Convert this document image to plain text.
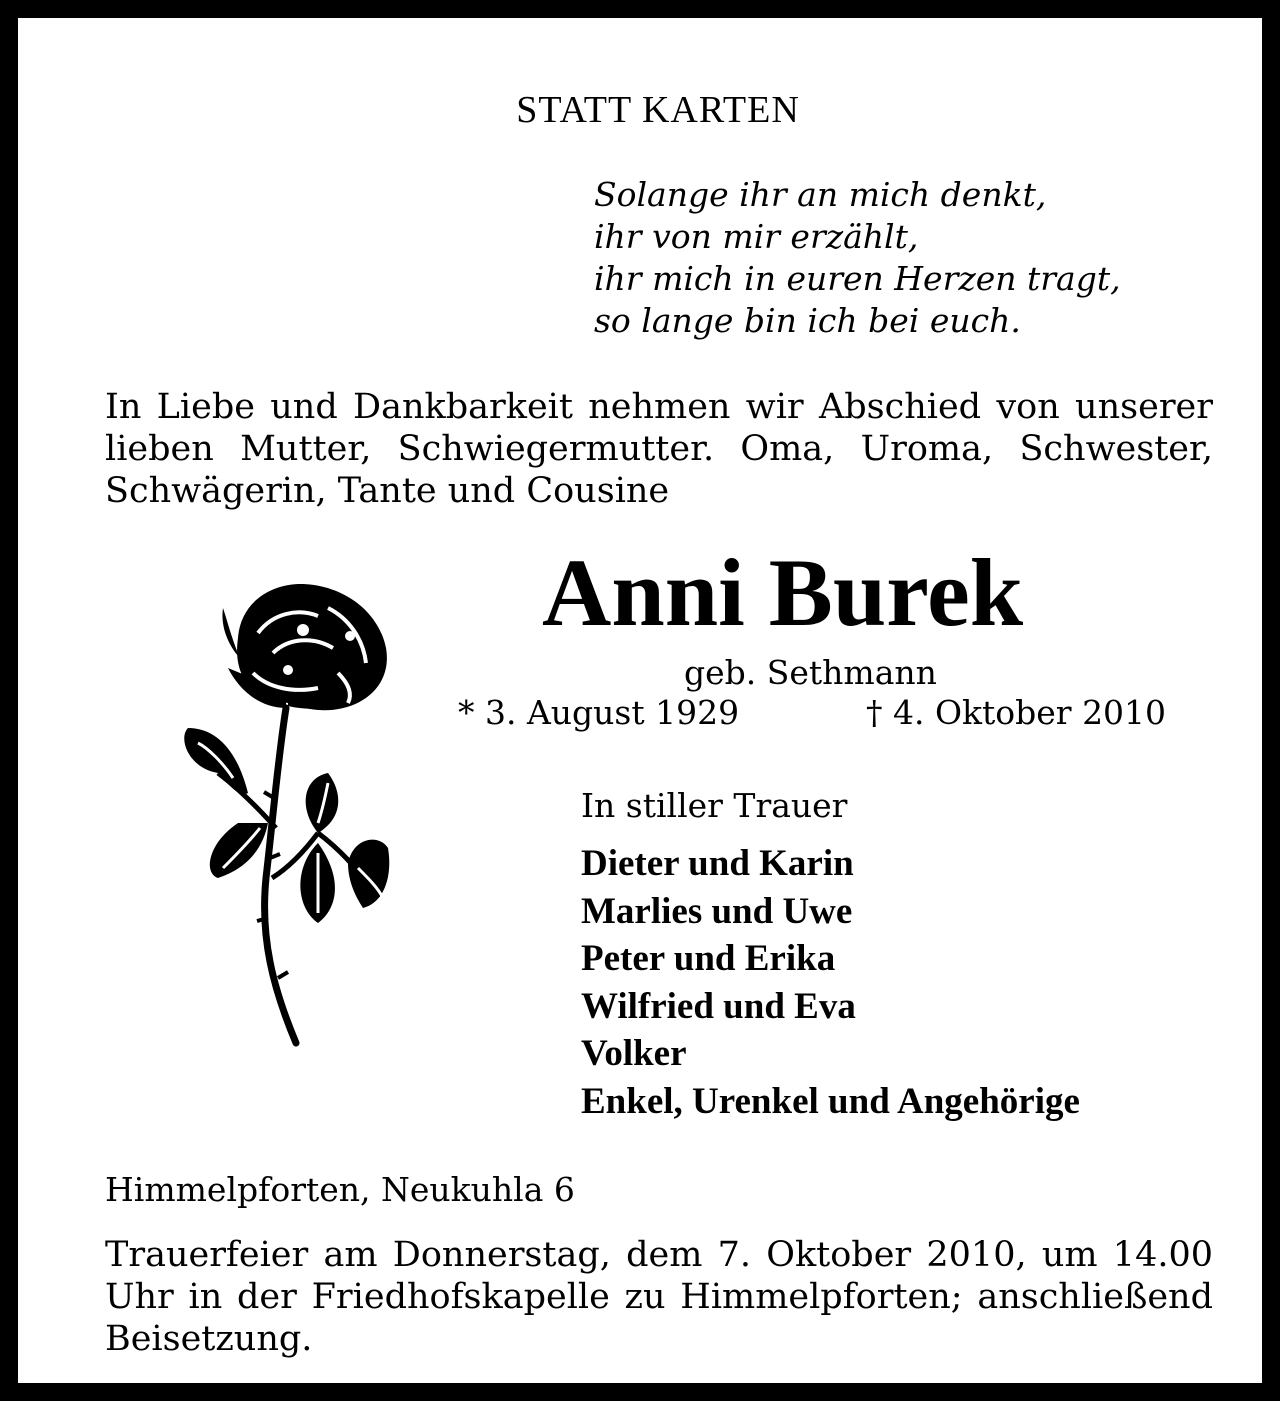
STATT KARTEN

Solange ihr an mich denkt,
ihr von mir erzählt,
ihr mich in euren Herzen tragt,
so lange bin ich bei euch.

In Liebe und Dankbarkeit nehmen wir Abschied von unserer lieben Mutter, Schwiegermutter. Oma, Uroma, Schwester, Schwägerin, Tante und Cousine

Anni Burek
geb. Sethmann
* 3. August 1929	† 4. Oktober 2010
In stiller Trauer
Dieter und Karin
Marlies und Uwe
Peter und Erika
Wilfried und Eva
Volker
Enkel, Urenkel und Angehörige
Himmelpforten, Neukuhla 6

Trauerfeier am Donnerstag, dem 7. Oktober 2010, um 14.00 Uhr in der Friedhofskapelle zu Himmelpforten; anschließend Beisetzung.
